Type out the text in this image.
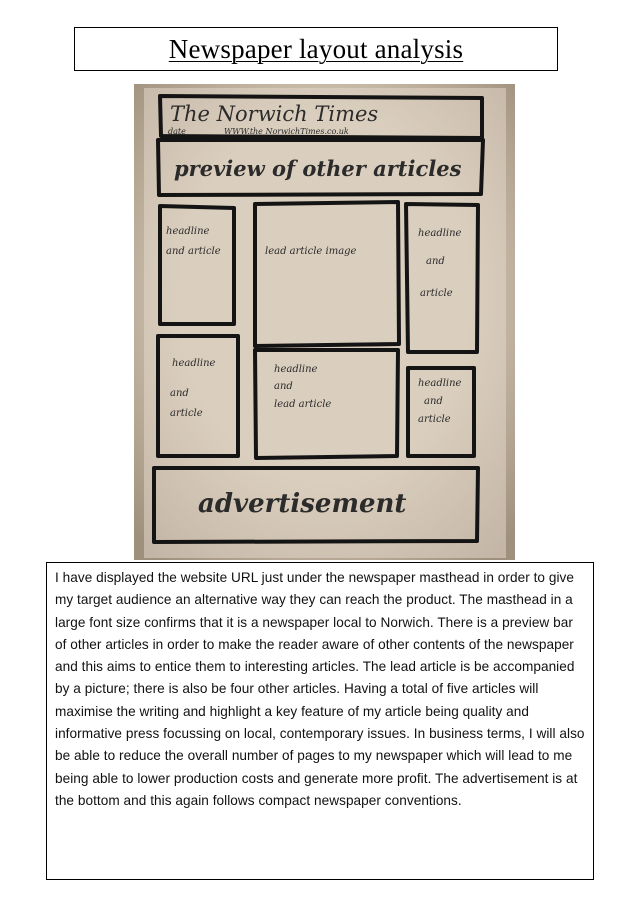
Newspaper layout analysis
The Norwich Times
date	WWW.the NorwichTimes.co.uk
preview of other articles
headline
and article	lead article image
headline
and
article
headline
and
article
headline
and
lead article
headline
and
article
advertisement

I have displayed the website URL just under the newspaper masthead in order to give my target audience an alternative way they can reach the product. The masthead in a large font size confirms that it is a newspaper local to Norwich. There is a preview bar of other articles in order to make the reader aware of other contents of the newspaper and this aims to entice them to interesting articles. The lead article is be accompanied by a picture; there is also be four other articles. Having a total of five articles will maximise the writing and highlight a key feature of my article being quality and informative press focussing on local, contemporary issues. In business terms, I will also be able to reduce the overall number of pages to my newspaper which will lead to me being able to lower production costs and generate more profit. The advertisement is at the bottom and this again follows compact newspaper conventions.
